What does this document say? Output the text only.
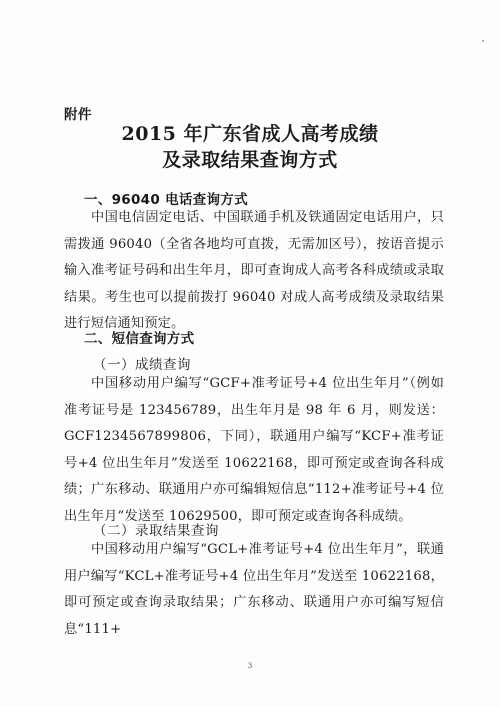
附件
2015 年广东省成人高考成绩
及录取结果查询方式
一、96040 电话查询方式

中国电信固定电话、中国联通手机及铁通固定电话用户，只需拨通 96040（全省各地均可直拨，无需加区号），按语音提示输入准考证号码和出生年月，即可查询成人高考各科成绩或录取结果。考生也可以提前拨打 96040 对成人高考成绩及录取结果进行短信通知预定。

二、短信查询方式
（一）成绩查询

中国移动用户编写“GCF+准考证号+4 位出生年月”（例如准考证号是 123456789，出生年月是 98 年 6 月，则发送：GCF1234567899806，下同），联通用户编写“KCF+准考证号+4 位出生年月”发送至 10622168，即可预定或查询各科成绩；广东移动、联通用户亦可编辑短信息“112+准考证号+4 位出生年月”发送至 10629500，即可预定或查询各科成绩。

（二）录取结果查询

中国移动用户编写“GCL+准考证号+4 位出生年月”，联通用户编写“KCL+准考证号+4 位出生年月”发送至 10622168，即可预定或查询录取结果；广东移动、联通用户亦可编写短信息“111+

3
